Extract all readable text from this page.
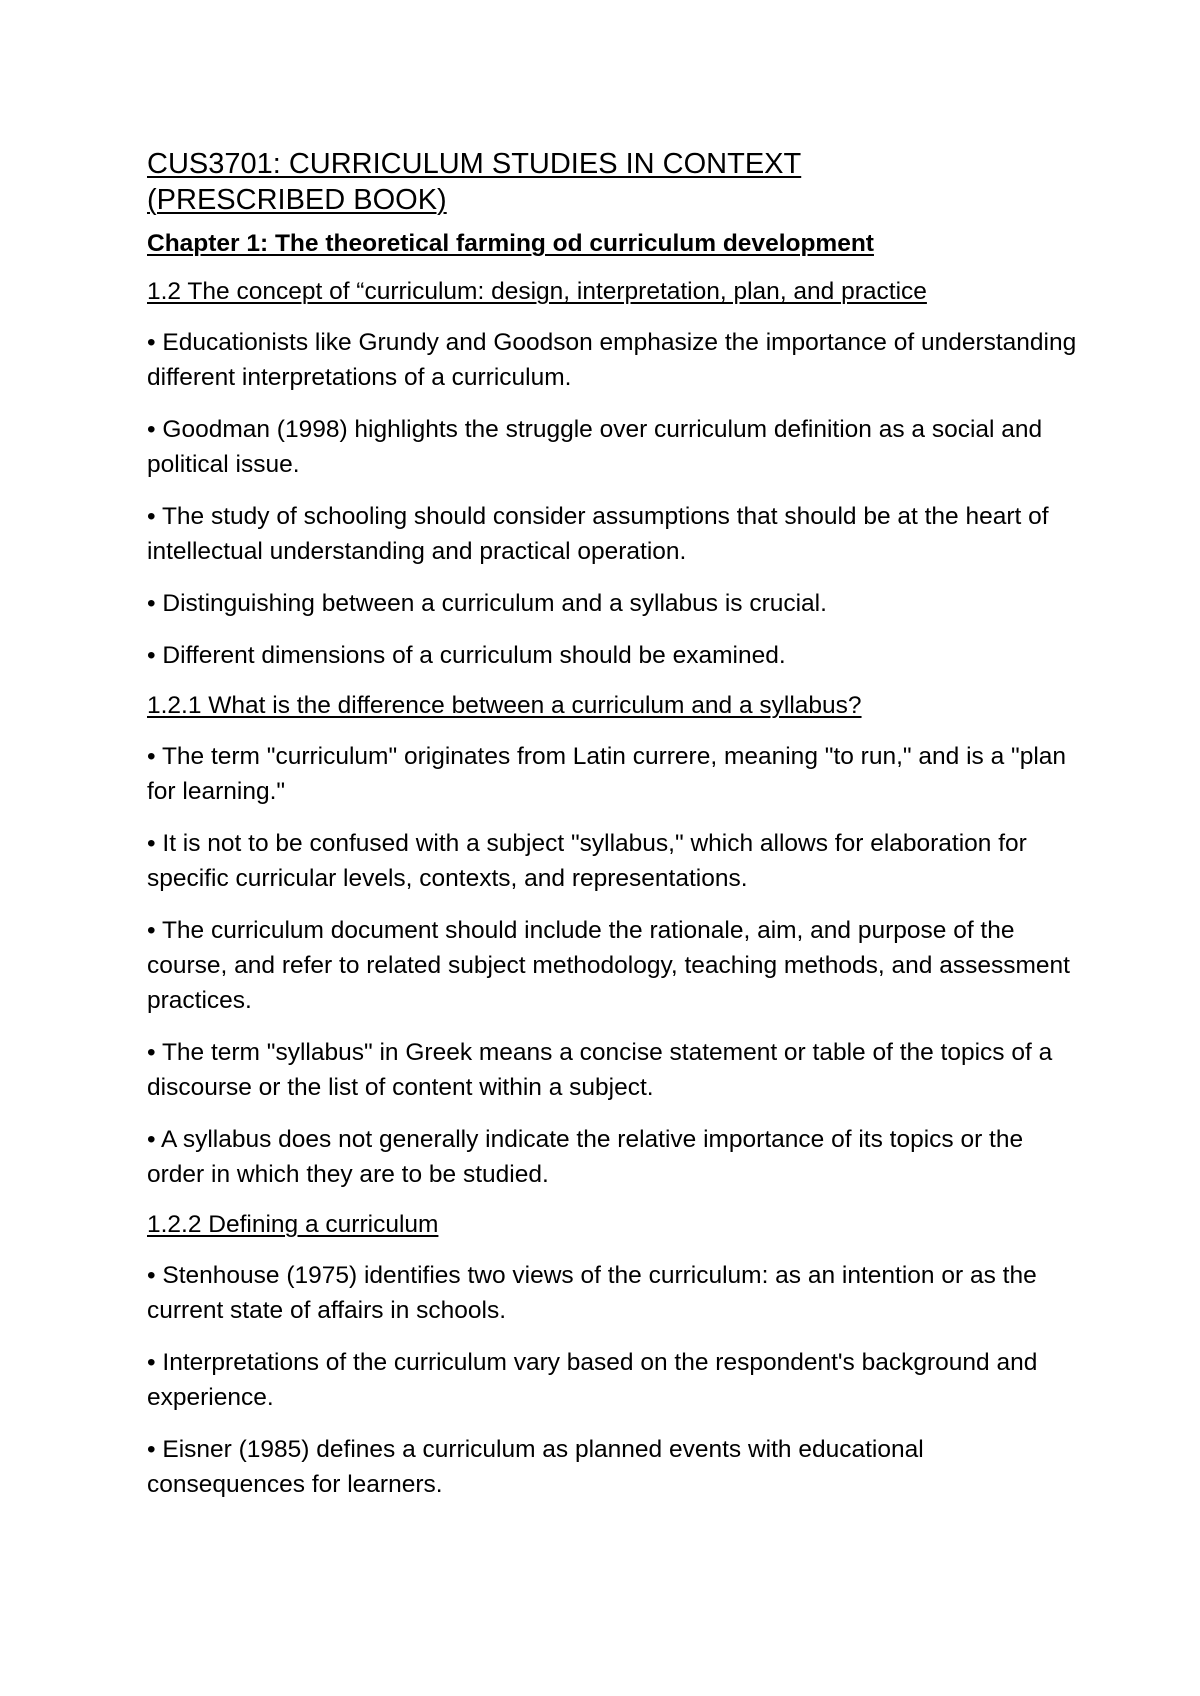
CUS3701: CURRICULUM STUDIES IN CONTEXT
(PRESCRIBED BOOK)
Chapter 1: The theoretical farming od curriculum development
1.2 The concept of “curriculum: design, interpretation, plan, and practice
• Educationists like Grundy and Goodson emphasize the importance of understanding different interpretations of a curriculum.
• Goodman (1998) highlights the struggle over curriculum definition as a social and political issue.
• The study of schooling should consider assumptions that should be at the heart of intellectual understanding and practical operation.
• Distinguishing between a curriculum and a syllabus is crucial.
• Different dimensions of a curriculum should be examined.
1.2.1 What is the difference between a curriculum and a syllabus?
• The term "curriculum" originates from Latin currere, meaning "to run," and is a "plan for learning."
• It is not to be confused with a subject "syllabus," which allows for elaboration for specific curricular levels, contexts, and representations.
• The curriculum document should include the rationale, aim, and purpose of the course, and refer to related subject methodology, teaching methods, and assessment practices.
• The term "syllabus" in Greek means a concise statement or table of the topics of a discourse or the list of content within a subject.
• A syllabus does not generally indicate the relative importance of its topics or the order in which they are to be studied.
1.2.2 Defining a curriculum
• Stenhouse (1975) identifies two views of the curriculum: as an intention or as the current state of affairs in schools.
• Interpretations of the curriculum vary based on the respondent's background and experience.
• Eisner (1985) defines a curriculum as planned events with educational consequences for learners.
